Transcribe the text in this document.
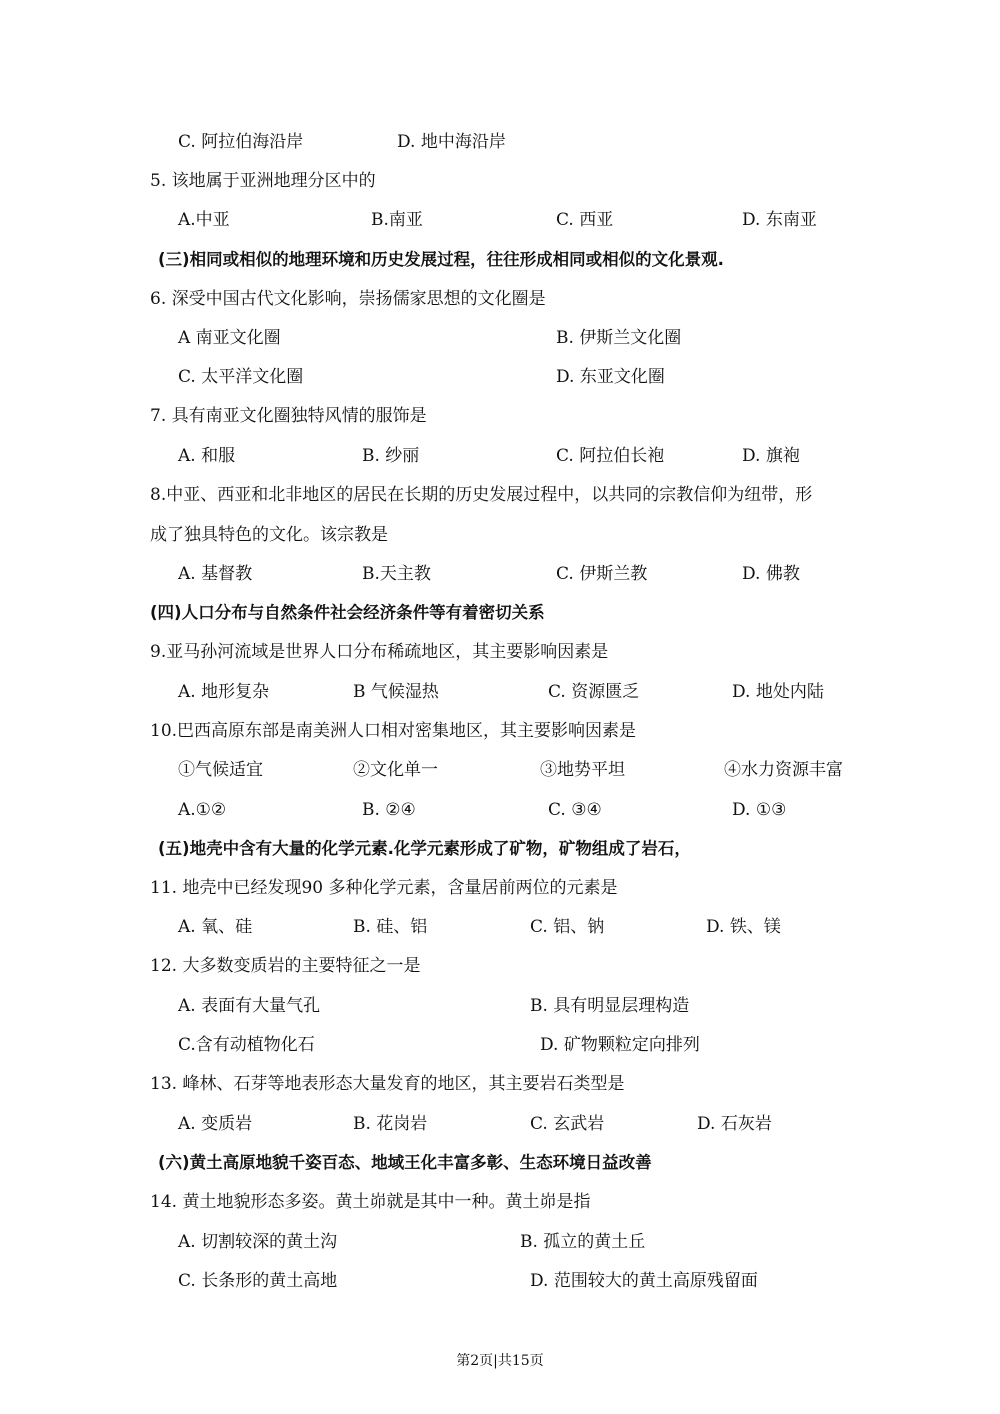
C. 阿拉伯海沿岸	D. 地中海沿岸
5. 该地属于亚洲地理分区中的
A.中亚	B.南亚	C. 西亚	D. 东南亚
(三)相同或相似的地理环境和历史发展过程，往往形成相同或相似的文化景观.
6. 深受中国古代文化影响，崇扬儒家思想的文化圈是
A 南亚文化圈	B. 伊斯兰文化圈
C. 太平洋文化圈	D. 东亚文化圈
7. 具有南亚文化圈独特风情的服饰是
A. 和服	B. 纱丽	C. 阿拉伯长袍	D. 旗袍
8.中亚、西亚和北非地区的居民在长期的历史发展过程中，以共同的宗教信仰为纽带，形
成了独具特色的文化。该宗教是
A. 基督教	B.天主教	C. 伊斯兰教	D. 佛教
(四)人口分布与自然条件社会经济条件等有着密切关系
9.亚马孙河流域是世界人口分布稀疏地区，其主要影响因素是
A. 地形复杂	B 气候湿热	C. 资源匮乏	D. 地处内陆
10.巴西高原东部是南美洲人口相对密集地区，其主要影响因素是
①气候适宜	②文化单一	③地势平坦	④水力资源丰富
A.①②	B. ②④	C. ③④	D. ①③
(五)地壳中含有大量的化学元素.化学元素形成了矿物，矿物组成了岩石，
11. 地壳中已经发现90 多种化学元素，含量居前两位的元素是
A. 氧、硅	B. 硅、铝	C. 铝、钠	D. 铁、镁
12. 大多数变质岩的主要特征之一是
A. 表面有大量气孔	B. 具有明显层理构造
C.含有动植物化石	D. 矿物颗粒定向排列
13. 峰林、石芽等地表形态大量发育的地区，其主要岩石类型是
A. 变质岩	B. 花岗岩	C. 玄武岩	D. 石灰岩
(六)黄土高原地貌千姿百态、地域王化丰富多彰、生态环境日益改善
14. 黄土地貌形态多姿。黄土峁就是其中一种。黄土峁是指
A. 切割较深的黄土沟	B. 孤立的黄土丘
C. 长条形的黄土高地	D. 范围较大的黄土高原残留面
第2页|共15页
